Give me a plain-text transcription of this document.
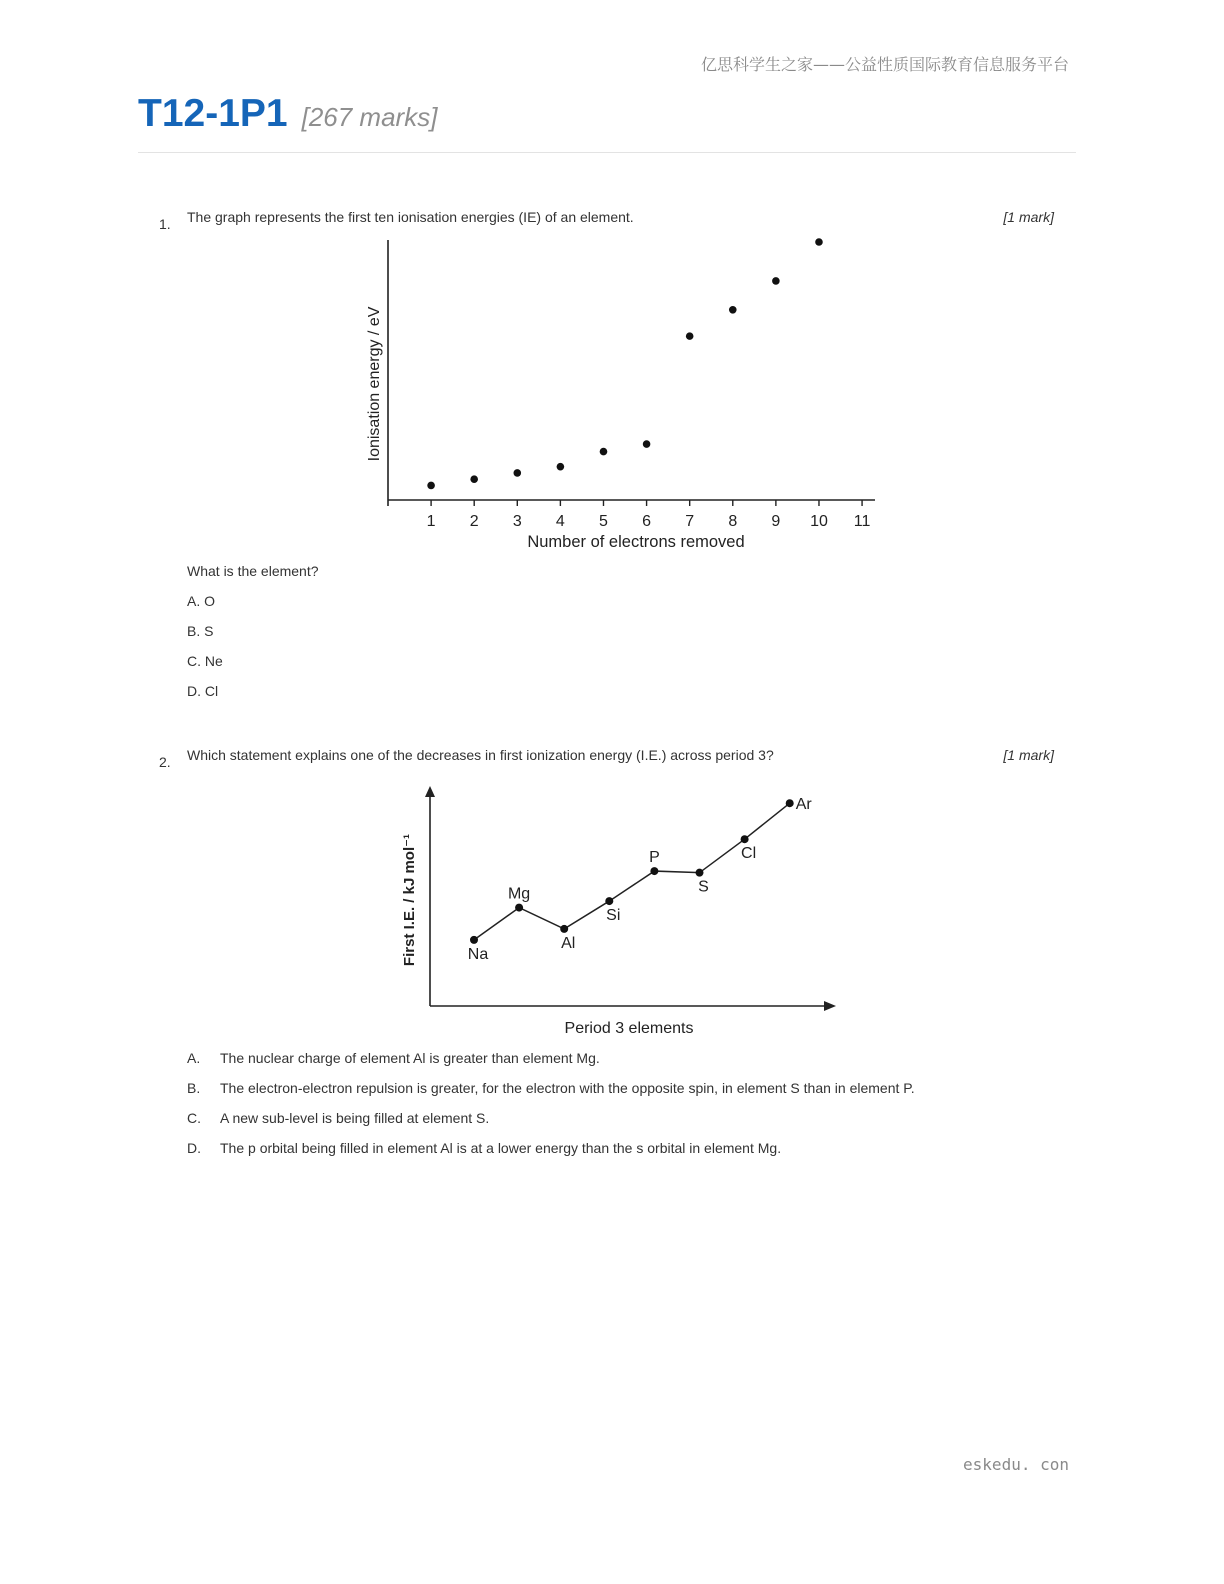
亿思科学生之家——公益性质国际教育信息服务平台
T12-1P1 [267 marks]
1. The graph represents the first ten ionisation energies (IE) of an element.	[1 mark]
1 2 3 4 5 6 7 8 9 10 11
Number of electrons removed
Ionisation energy / eV
What is the element?
A. O
B. S
C. Ne
D. Cl
2. Which statement explains one of the decreases in first ionization energy (I.E.) across period 3?	[1 mark]
Na
Mg
Al
Si
P
S
Cl
Ar
Period 3 elements
First I.E. / kJ mol⁻¹
A. The nuclear charge of element Al is greater than element Mg.
B. The electron-electron repulsion is greater, for the electron with the opposite spin, in element S than in element P.
C. A new sub-level is being filled at element S.
D. The p orbital being filled in element Al is at a lower energy than the s orbital in element Mg.
eskedu. con
